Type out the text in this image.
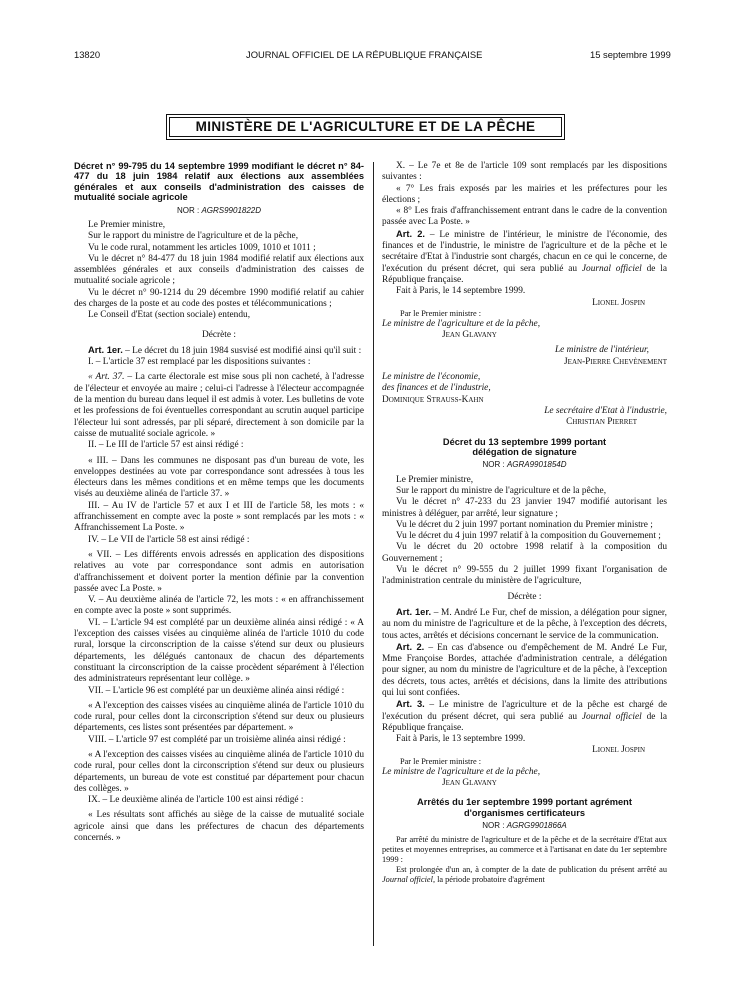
13820	JOURNAL OFFICIEL DE LA RÉPUBLIQUE FRANÇAISE	15 septembre 1999
MINISTÈRE DE L'AGRICULTURE ET DE LA PÊCHE
Décret n° 99-795 du 14 septembre 1999 modifiant le décret n° 84-477 du 18 juin 1984 relatif aux élections aux assemblées générales et aux conseils d'administration des caisses de mutualité sociale agricole
NOR : AGRS9901822D

Le Premier ministre,

Sur le rapport du ministre de l'agriculture et de la pêche,

Vu le code rural, notamment les articles 1009, 1010 et 1011 ;

Vu le décret n° 84-477 du 18 juin 1984 modifié relatif aux élections aux assemblées générales et aux conseils d'administration des caisses de mutualité sociale agricole ;

Vu le décret n° 90-1214 du 29 décembre 1990 modifié relatif au cahier des charges de la poste et au code des postes et télécommunications ;

Le Conseil d'Etat (section sociale) entendu,

Décrète :

Art. 1er. – Le décret du 18 juin 1984 susvisé est modifié ainsi qu'il suit :

I. – L'article 37 est remplacé par les dispositions suivantes :

« Art. 37. – La carte électorale est mise sous pli non cacheté, à l'adresse de l'électeur et envoyée au maire ; celui-ci l'adresse à l'électeur accompagnée de la mention du bureau dans lequel il est admis à voter. Les bulletins de vote et les professions de foi éventuelles correspondant au scrutin auquel participe l'électeur lui sont adressés, par pli séparé, directement à son domicile par la caisse de mutualité sociale agricole. »

II. – Le III de l'article 57 est ainsi rédigé :

« III. – Dans les communes ne disposant pas d'un bureau de vote, les enveloppes destinées au vote par correspondance sont adressées à tous les électeurs dans les mêmes conditions et en même temps que les documents visés au deuxième alinéa de l'article 37. »

III. – Au IV de l'article 57 et aux I et III de l'article 58, les mots : « affranchissement en compte avec la poste » sont remplacés par les mots : « Affranchissement La Poste. »

IV. – Le VII de l'article 58 est ainsi rédigé :

« VII. – Les différents envois adressés en application des dispositions relatives au vote par correspondance sont admis en autorisation d'affranchissement et doivent porter la mention définie par la convention passée avec La Poste. »

V. – Au deuxième alinéa de l'article 72, les mots : « en affranchissement en compte avec la poste » sont supprimés.

VI. – L'article 94 est complété par un deuxième alinéa ainsi rédigé : « A l'exception des caisses visées au cinquième alinéa de l'article 1010 du code rural, lorsque la circonscription de la caisse s'étend sur deux ou plusieurs départements, les délégués cantonaux de chacun des départements constituant la circonscription de la caisse procèdent séparément à l'élection des administrateurs représentant leur collège. »

VII. – L'article 96 est complété par un deuxième alinéa ainsi rédigé :

« A l'exception des caisses visées au cinquième alinéa de l'article 1010 du code rural, pour celles dont la circonscription s'étend sur deux ou plusieurs départements, ces listes sont présentées par département. »

VIII. – L'article 97 est complété par un troisième alinéa ainsi rédigé :

« A l'exception des caisses visées au cinquième alinéa de l'article 1010 du code rural, pour celles dont la circonscription s'étend sur deux ou plusieurs départements, un bureau de vote est constitué par département pour chacun des collèges. »

IX. – Le deuxième alinéa de l'article 100 est ainsi rédigé :

« Les résultats sont affichés au siège de la caisse de mutualité sociale agricole ainsi que dans les préfectures de chacun des départements concernés. »

X. – Le 7e et 8e de l'article 109 sont remplacés par les dispositions suivantes :

« 7° Les frais exposés par les mairies et les préfectures pour les élections ;

« 8° Les frais d'affranchissement entrant dans le cadre de la convention passée avec La Poste. »

Art. 2. – Le ministre de l'intérieur, le ministre de l'économie, des finances et de l'industrie, le ministre de l'agriculture et de la pêche et le secrétaire d'Etat à l'industrie sont chargés, chacun en ce qui le concerne, de l'exécution du présent décret, qui sera publié au Journal officiel de la République française.

Fait à Paris, le 14 septembre 1999.

Lionel Jospin

Par le Premier ministre :

Le ministre de l'agriculture et de la pêche,

Jean Glavany

Le ministre de l'intérieur,

Jean-Pierre Chevènement

Le ministre de l'économie,

des finances et de l'industrie,

Dominique Strauss-Kahn

Le secrétaire d'Etat à l'industrie,

Christian Pierret

Décret du 13 septembre 1999 portant délégation de signature
NOR : AGRA9901854D

Le Premier ministre,

Sur le rapport du ministre de l'agriculture et de la pêche,

Vu le décret n° 47-233 du 23 janvier 1947 modifié autorisant les ministres à déléguer, par arrêté, leur signature ;

Vu le décret du 2 juin 1997 portant nomination du Premier ministre ;

Vu le décret du 4 juin 1997 relatif à la composition du Gouvernement ;

Vu le décret du 20 octobre 1998 relatif à la composition du Gouvernement ;

Vu le décret n° 99-555 du 2 juillet 1999 fixant l'organisation de l'administration centrale du ministère de l'agriculture,

Décrète :

Art. 1er. – M. André Le Fur, chef de mission, a délégation pour signer, au nom du ministre de l'agriculture et de la pêche, à l'exception des décrets, tous actes, arrêtés et décisions concernant le service de la communication.

Art. 2. – En cas d'absence ou d'empêchement de M. André Le Fur, Mme Françoise Bordes, attachée d'administration centrale, a délégation pour signer, au nom du ministre de l'agriculture et de la pêche, à l'exception des décrets, tous actes, arrêtés et décisions, dans la limite des attributions qui lui sont confiées.

Art. 3. – Le ministre de l'agriculture et de la pêche est chargé de l'exécution du présent décret, qui sera publié au Journal officiel de la République française.

Fait à Paris, le 13 septembre 1999.

Lionel Jospin

Par le Premier ministre :

Le ministre de l'agriculture et de la pêche,

Jean Glavany

Arrêtés du 1er septembre 1999 portant agrément d'organismes certificateurs
NOR : AGRG9901866A

Par arrêté du ministre de l'agriculture et de la pêche et de la secrétaire d'Etat aux petites et moyennes entreprises, au commerce et à l'artisanat en date du 1er septembre 1999 :

Est prolongée d'un an, à compter de la date de publication du présent arrêté au Journal officiel, la période probatoire d'agrément
